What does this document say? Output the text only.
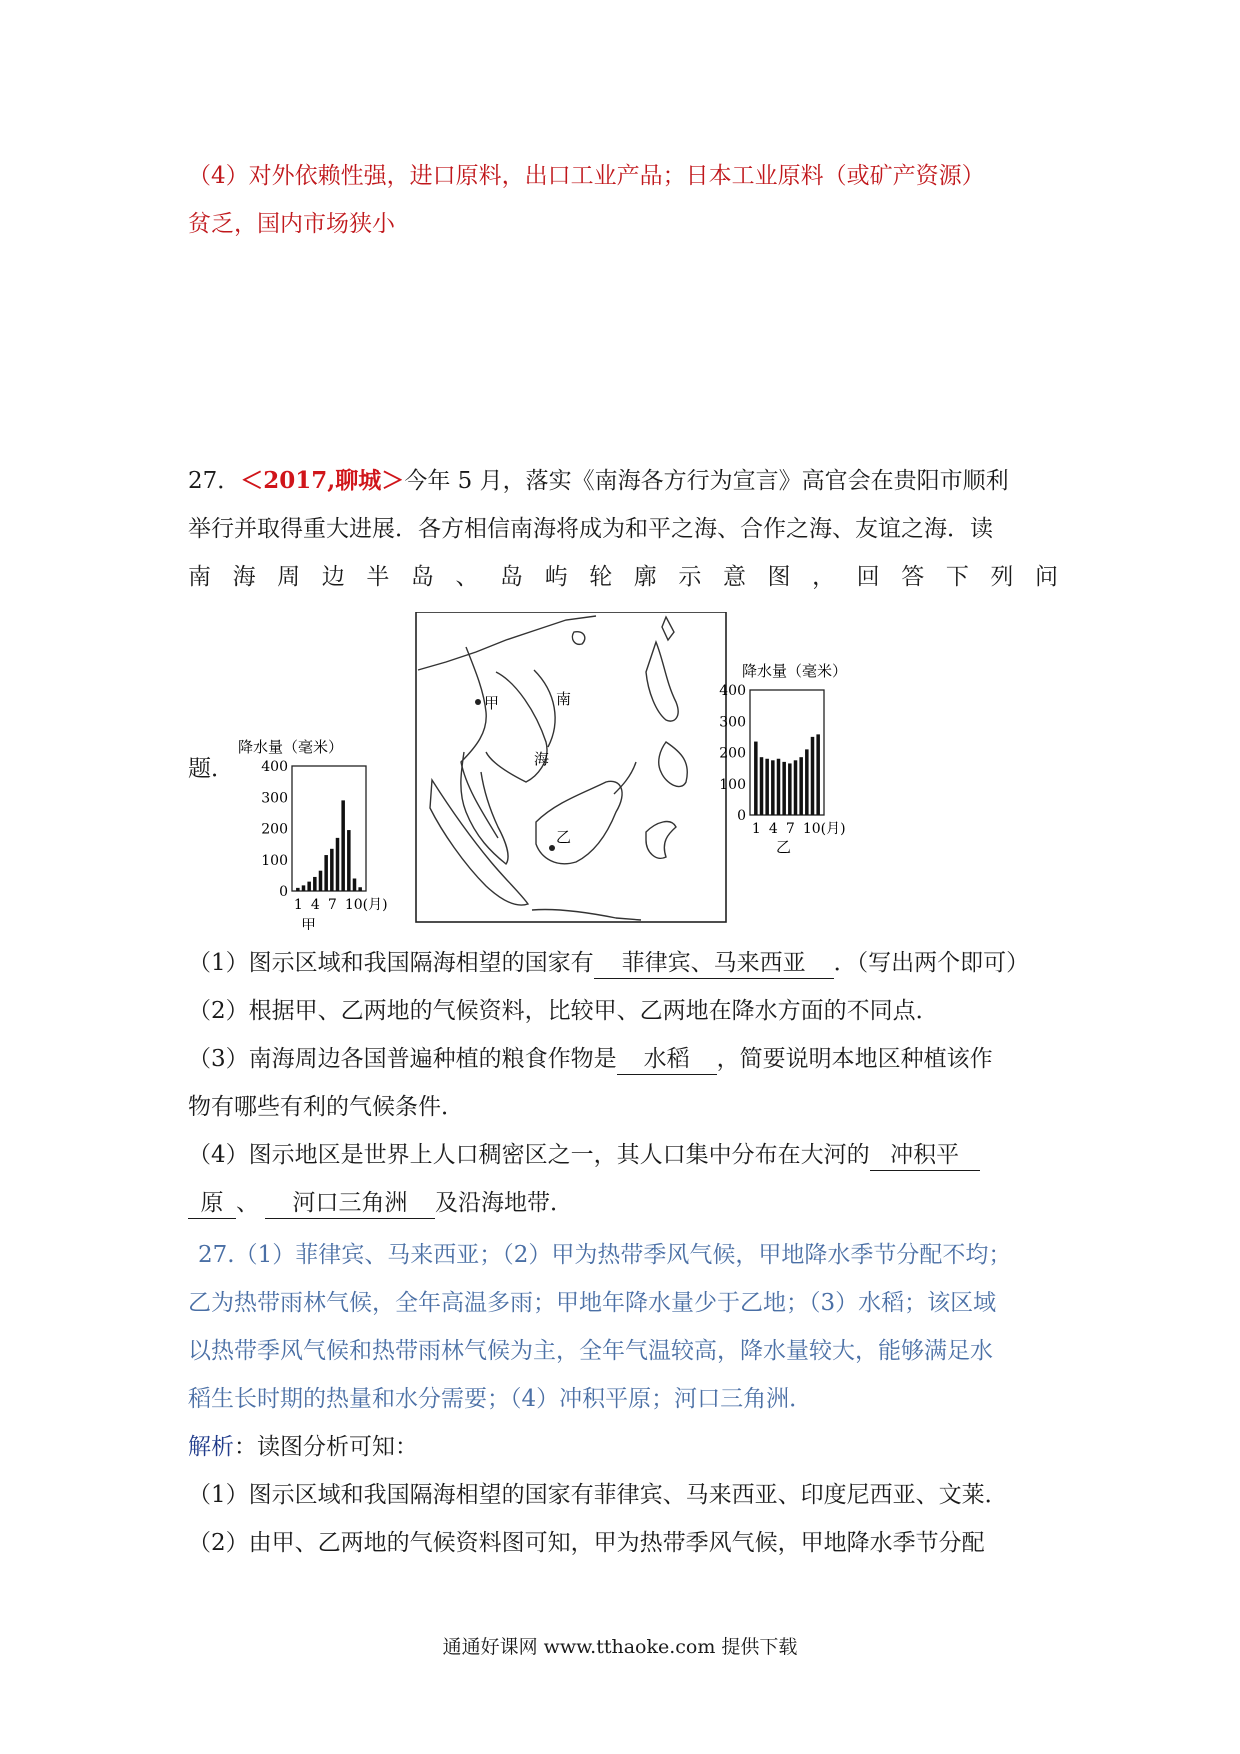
（4）对外依赖性强，进口原料，出口工业产品；日本工业原料（或矿产资源）
贫乏，国内市场狭小
27．＜2017,聊城＞今年 5 月，落实《南海各方行为宣言》高官会在贵阳市顺利
举行并取得重大进展．各方相信南海将成为和平之海、合作之海、友谊之海．读
南海周边半岛、岛屿轮廓示意图，回答下列问
题．
降水量（毫米）
0
100
200
300
400
1 4 7 10(月)
甲
甲	南
海
乙
降水量（毫米）
0
100
200
300
400
1 4 7 10(月)
乙
（1）图示区域和我国隔海相望的国家有 菲律宾、马来西亚 ．（写出两个即可）
（2）根据甲、乙两地的气候资料，比较甲、乙两地在降水方面的不同点．
（3）南海周边各国普遍种植的粮食作物是 水稻 ，简要说明本地区种植该作
物有哪些有利的气候条件．
（4）图示地区是世界上人口稠密区之一，其人口集中分布在大河的 冲积平
原 、 河口三角洲 及沿海地带．
27.（1）菲律宾、马来西亚；（2）甲为热带季风气候，甲地降水季节分配不均；
乙为热带雨林气候，全年高温多雨；甲地年降水量少于乙地；（3）水稻；该区域
以热带季风气候和热带雨林气候为主，全年气温较高，降水量较大，能够满足水
稻生长时期的热量和水分需要；（4）冲积平原；河口三角洲．
解析：读图分析可知：
（1）图示区域和我国隔海相望的国家有菲律宾、马来西亚、印度尼西亚、文莱．
（2）由甲、乙两地的气候资料图可知，甲为热带季风气候，甲地降水季节分配
通通好课网 www.tthaoke.com 提供下载
